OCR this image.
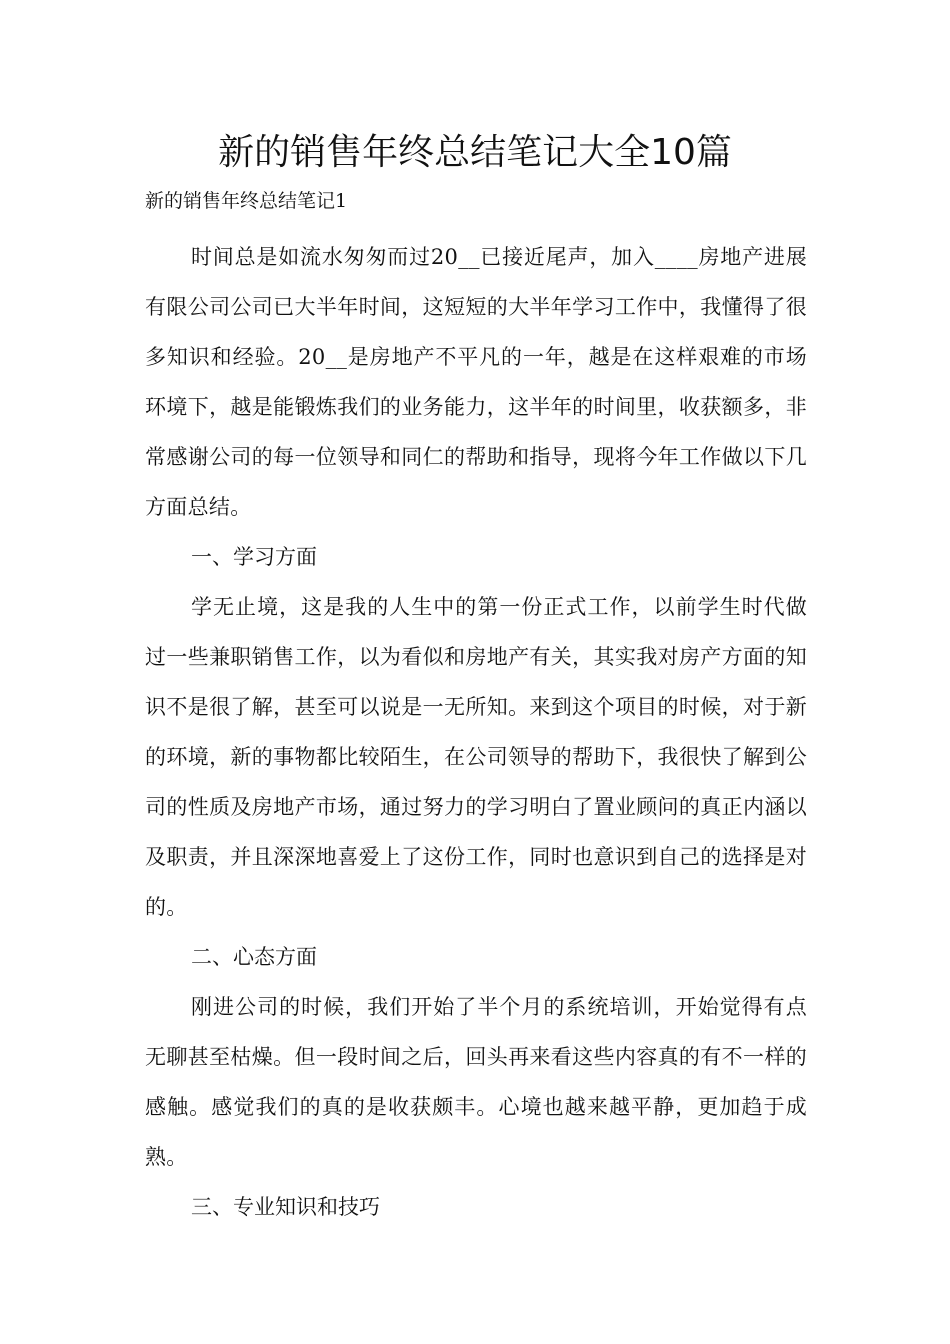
新的销售年终总结笔记大全10篇

新的销售年终总结笔记1

时间总是如流水匆匆而过20__已接近尾声，加入____房地产进展有限公司公司已大半年时间，这短短的大半年学习工作中，我懂得了很多知识和经验。20__是房地产不平凡的一年，越是在这样艰难的市场环境下，越是能锻炼我们的业务能力，这半年的时间里，收获额多，非常感谢公司的每一位领导和同仁的帮助和指导，现将今年工作做以下几方面总结。

一、学习方面

学无止境，这是我的人生中的第一份正式工作，以前学生时代做过一些兼职销售工作，以为看似和房地产有关，其实我对房产方面的知识不是很了解，甚至可以说是一无所知。来到这个项目的时候，对于新的环境，新的事物都比较陌生，在公司领导的帮助下，我很快了解到公司的性质及房地产市场，通过努力的学习明白了置业顾问的真正内涵以及职责，并且深深地喜爱上了这份工作，同时也意识到自己的选择是对的。

二、心态方面

刚进公司的时候，我们开始了半个月的系统培训，开始觉得有点无聊甚至枯燥。但一段时间之后，回头再来看这些内容真的有不一样的感触。感觉我们的真的是收获颇丰。心境也越来越平静，更加趋于成熟。

三、专业知识和技巧
